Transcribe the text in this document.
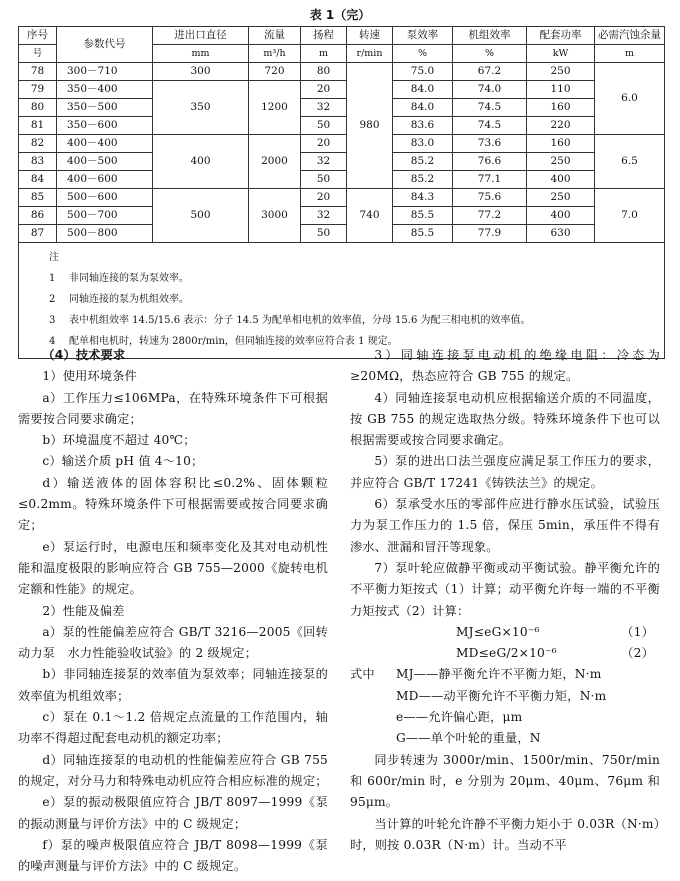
表 1（完）
序号	参数代号	进出口直径	流量	扬程	转速	泵效率	机组效率	配套功率	必需汽蚀余量
号		mm	m³/h	m	r/min	%	%	kW	m
78	300－710	300	720	80	980	75.0	67.2	250	6.0
79	350－400	350	1200	20		84.0	74.0	110	
80	350－500			32		84.0	74.5	160	
81	350－600			50		83.6	74.5	220	
82	400－400	400	2000	20		83.0	73.6	160	6.5
83	400－500			32		85.2	76.6	250	
84	400－600			50		85.2	77.1	400	
85	500－600	500	3000	20	740	84.3	75.6	250	7.0
86	500－700			32		85.5	77.2	400	
87	500－800			50		85.5	77.9	630	

注
1 非同轴连接的泵为泵效率。
2 同轴连接的泵为机组效率。
3 表中机组效率 14.5/15.6 表示：分子 14.5 为配单相电机的效率值，分母 15.6 为配三相电机的效率值。
4 配单相电机时，转速为 2800r/min，但同轴连接的效率应符合表 1 规定。									

（4）技术要求

1）使用环境条件

a）工作压力≤106MPa，在特殊环境条件下可根据需要按合同要求确定；

b）环境温度不超过 40℃；

c）输送介质 pH 值 4～10；

d）输送液体的固体容积比≤0.2%、固体颗粒≤0.2mm。特殊环境条件下可根据需要或按合同要求确定；

e）泵运行时，电源电压和频率变化及其对电动机性能和温度极限的影响应符合 GB 755—2000《旋转电机　定额和性能》的规定。

2）性能及偏差

a）泵的性能偏差应符合 GB/T 3216—2005《回转动力泵　水力性能验收试验》的 2 级规定；

b）非同轴连接泵的效率值为泵效率；同轴连接泵的效率值为机组效率；

c）泵在 0.1～1.2 倍规定点流量的工作范围内，轴功率不得超过配套电动机的额定功率；

d）同轴连接泵的电动机的性能偏差应符合 GB 755 的规定，对分马力和特殊电动机应符合相应标准的规定；

e）泵的振动极限值应符合 JB/T 8097—1999《泵的振动测量与评价方法》中的 C 级规定；

f）泵的噪声极限值应符合 JB/T 8098—1999《泵的噪声测量与评价方法》中的 C 级规定。

3）同轴连接泵电动机的绝缘电阻：冷态为≥20MΩ，热态应符合 GB 755 的规定。

4）同轴连接泵电动机应根据输送介质的不同温度，按 GB 755 的规定选取热分级。特殊环境条件下也可以根据需要或按合同要求确定。

5）泵的进出口法兰强度应满足泵工作压力的要求，并应符合 GB/T 17241《铸铁法兰》的规定。

6）泵承受水压的零部件应进行静水压试验，试验压力为泵工作压力的 1.5 倍，保压 5min，承压件不得有渗水、泄漏和冒汗等现象。

7）泵叶轮应做静平衡或动平衡试验。静平衡允许的不平衡力矩按式（1）计算；动平衡允许每一端的不平衡力矩按式（2）计算：

MJ≤eG×10⁻⁶	（1）

MD≤eG/2×10⁻⁶	（2）

式中	MJ——静平衡允许不平衡力矩，N·m

MD——动平衡允许不平衡力矩，N·m

e——允许偏心距，μm

G——单个叶轮的重量，N

同步转速为 3000r/min、1500r/min、750r/min 和 600r/min 时，e 分别为 20μm、40μm、76μm 和 95μm。

当计算的叶轮允许静不平衡力矩小于 0.03R（N·m）时，则按 0.03R（N·m）计。当动不平
